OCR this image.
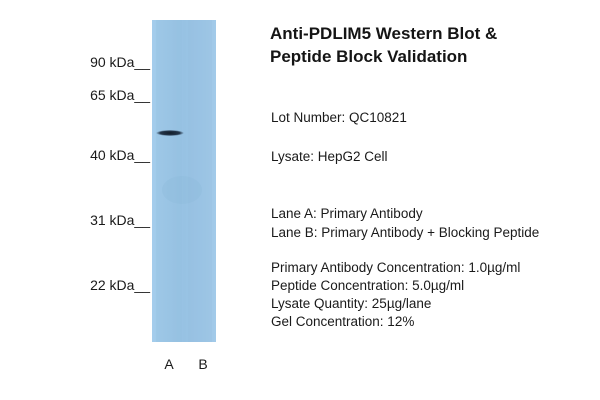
90 kDa__
65 kDa__
40 kDa__
31 kDa__
22 kDa__
A	B
Anti-PDLIM5 Western Blot &
Peptide Block Validation
Lot Number: QC10821
Lysate: HepG2 Cell
Lane A: Primary Antibody
Lane B: Primary Antibody + Blocking Peptide
Primary Antibody Concentration: 1.0µg/ml
Peptide Concentration: 5.0µg/ml
Lysate Quantity: 25µg/lane
Gel Concentration: 12%
